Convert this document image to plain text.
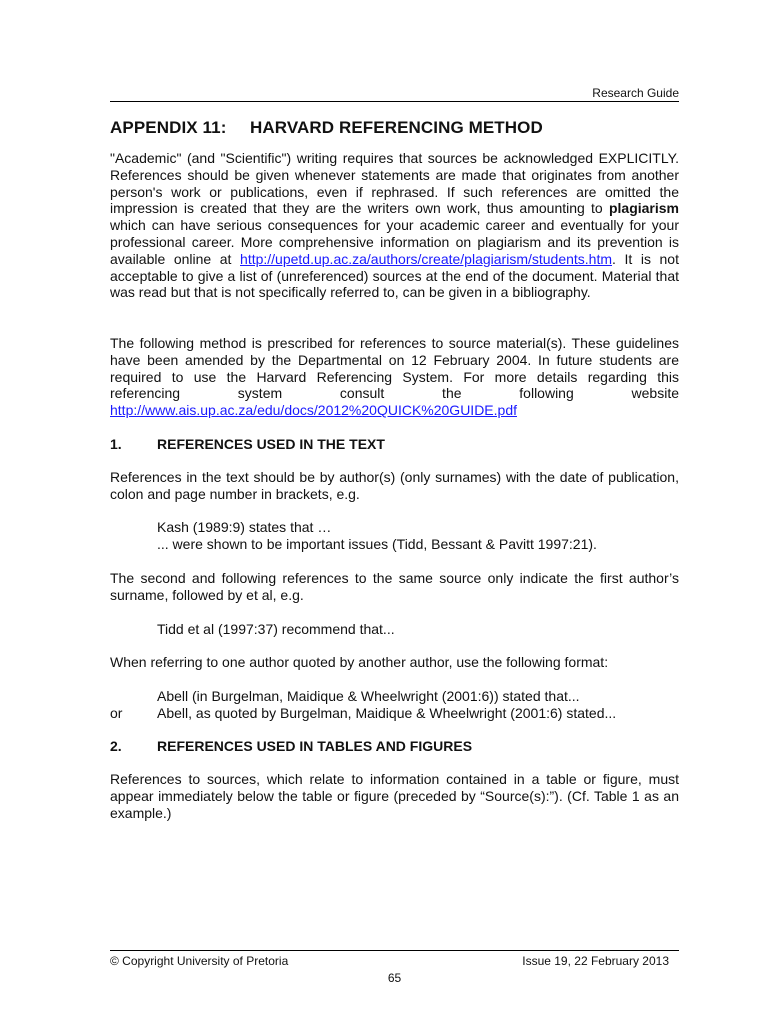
Research Guide
APPENDIX 11: HARVARD REFERENCING METHOD

"Academic" (and "Scientific") writing requires that sources be acknowledged EXPLICITLY. References should be given whenever statements are made that originates from another person's work or publications, even if rephrased. If such references are omitted the impression is created that they are the writers own work, thus amounting to plagiarism which can have serious consequences for your academic career and eventually for your professional career. More comprehensive information on plagiarism and its prevention is available online at http://upetd.up.ac.za/authors/create/plagiarism/students.htm. It is not acceptable to give a list of (unreferenced) sources at the end of the document. Material that was read but that is not specifically referred to, can be given in a bibliography.

The following method is prescribed for references to source material(s). These guidelines have been amended by the Departmental on 12 February 2004. In future students are required to use the Harvard Referencing System. For more details regarding this referencing system consult the following website http://www.ais.up.ac.za/edu/docs/2012%20QUICK%20GUIDE.pdf

1.	REFERENCES USED IN THE TEXT

References in the text should be by author(s) (only surnames) with the date of publication, colon and page number in brackets, e.g.

Kash (1989:9) states that …
... were shown to be important issues (Tidd, Bessant & Pavitt 1997:21).

The second and following references to the same source only indicate the first author’s surname, followed by et al, e.g.

Tidd et al (1997:37) recommend that...

When referring to one author quoted by another author, use the following format:

Abell (in Burgelman, Maidique & Wheelwright (2001:6)) stated that...
Abell, as quoted by Burgelman, Maidique & Wheelwright (2001:6) stated...
or
2.	REFERENCES USED IN TABLES AND FIGURES

References to sources, which relate to information contained in a table or figure, must appear immediately below the table or figure (preceded by “Source(s):”). (Cf. Table 1 as an example.)

© Copyright University of Pretoria	Issue 19, 22 February 2013
65
